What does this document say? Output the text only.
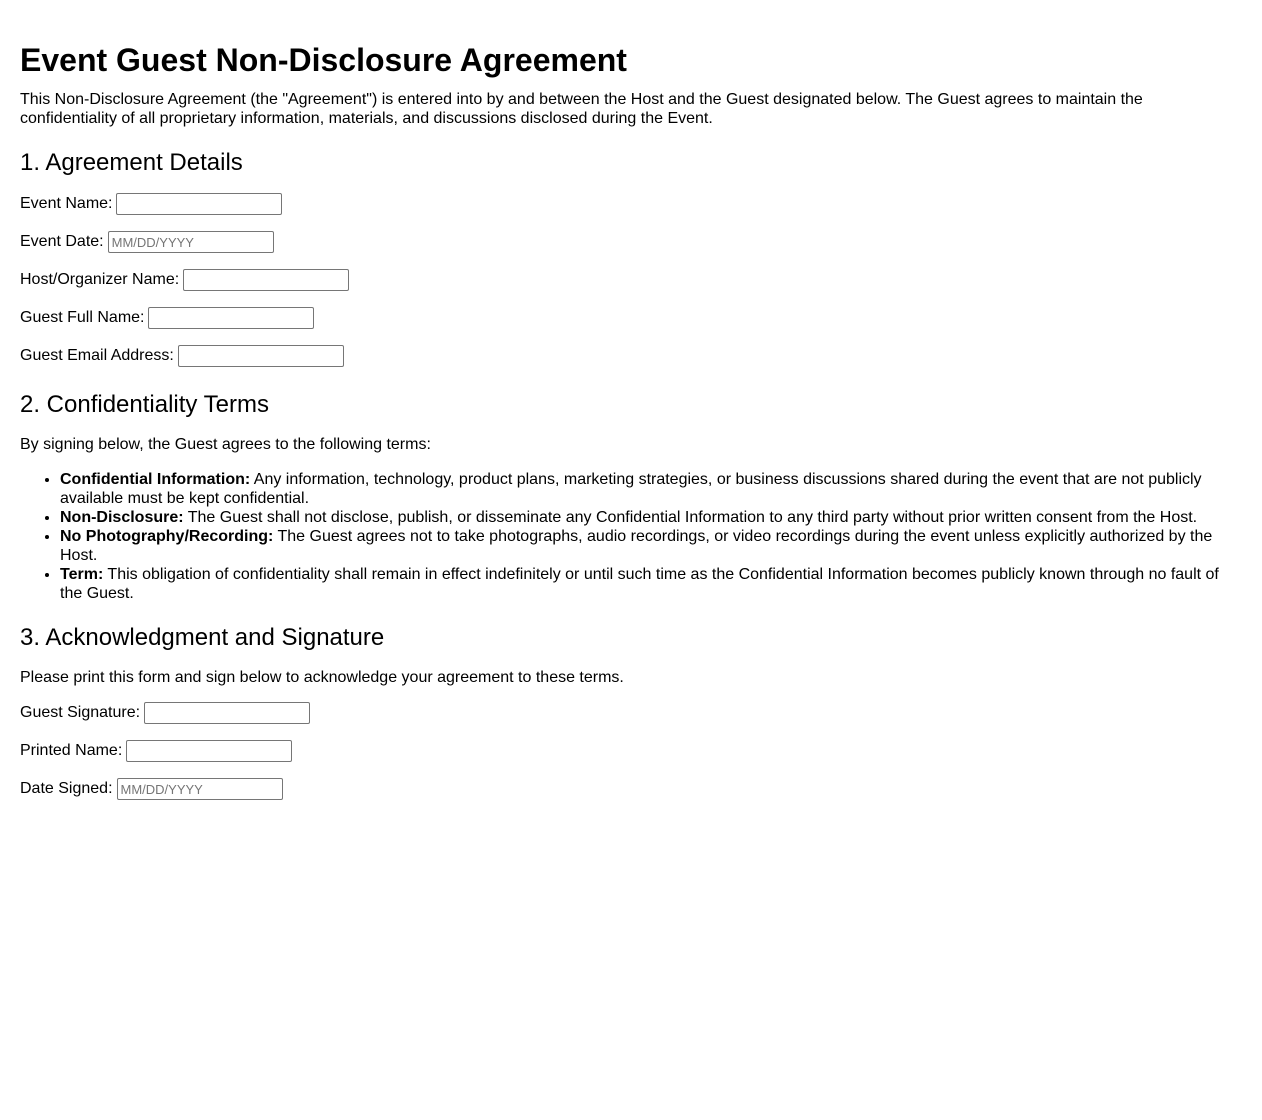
Event Guest Non-Disclosure Agreement

This Non-Disclosure Agreement (the "Agreement") is entered into by and between the Host and the Guest designated below. The Guest agrees to maintain the confidentiality of all proprietary information, materials, and discussions disclosed during the Event.

1. Agreement Details
Event Name:
Event Date:
MM/DD/YYYY
Host/Organizer Name:
Guest Full Name:
Guest Email Address:
2. Confidentiality Terms

By signing below, the Guest agrees to the following terms:

• Confidential Information: Any information, technology, product plans, marketing strategies, or business discussions shared during the event that are not publicly available must be kept confidential.
• Non-Disclosure: The Guest shall not disclose, publish, or disseminate any Confidential Information to any third party without prior written consent from the Host.
• No Photography/Recording: The Guest agrees not to take photographs, audio recordings, or video recordings during the event unless explicitly authorized by the Host.
• Term: This obligation of confidentiality shall remain in effect indefinitely or until such time as the Confidential Information becomes publicly known through no fault of the Guest.
3. Acknowledgment and Signature

Please print this form and sign below to acknowledge your agreement to these terms.

Guest Signature:
Printed Name:
Date Signed:
MM/DD/YYYY
